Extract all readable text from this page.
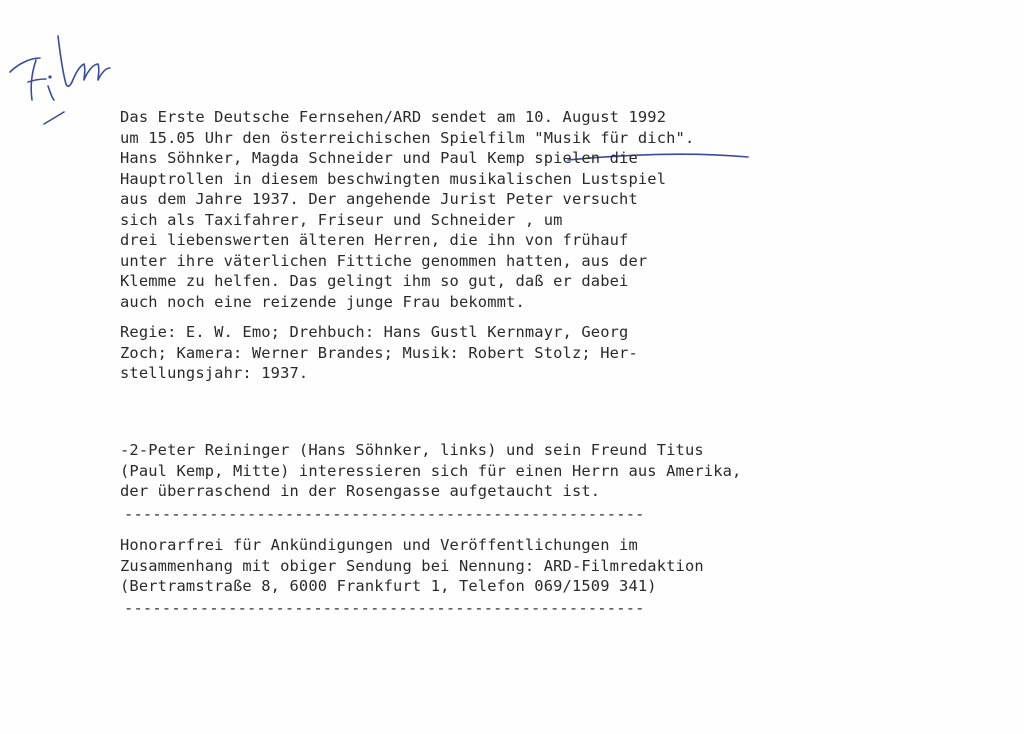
Das Erste Deutsche Fernsehen/ARD sendet am 10. August 1992
um 15.05 Uhr den österreichischen Spielfilm "Musik für dich".
Hans Söhnker, Magda Schneider und Paul Kemp spielen die
Hauptrollen in diesem beschwingten musikalischen Lustspiel
aus dem Jahre 1937. Der angehende Jurist Peter versucht
sich als Taxifahrer, Friseur und Schneider , um
drei liebenswerten älteren Herren, die ihn von frühauf
unter ihre väterlichen Fittiche genommen hatten, aus der
Klemme zu helfen. Das gelingt ihm so gut, daß er dabei
auch noch eine reizende junge Frau bekommt.
Regie: E. W. Emo; Drehbuch: Hans Gustl Kernmayr, Georg
Zoch; Kamera: Werner Brandes; Musik: Robert Stolz; Her-
stellungsjahr: 1937.
-2-Peter Reininger (Hans Söhnker, links) und sein Freund Titus
(Paul Kemp, Mitte) interessieren sich für einen Herrn aus Amerika,
der überraschend in der Rosengasse aufgetaucht ist.
-------------------------------------------------------
Honorarfrei für Ankündigungen und Veröffentlichungen im
Zusammenhang mit obiger Sendung bei Nennung: ARD-Filmredaktion
(Bertramstraße 8, 6000 Frankfurt 1, Telefon 069/1509 341)
-------------------------------------------------------
